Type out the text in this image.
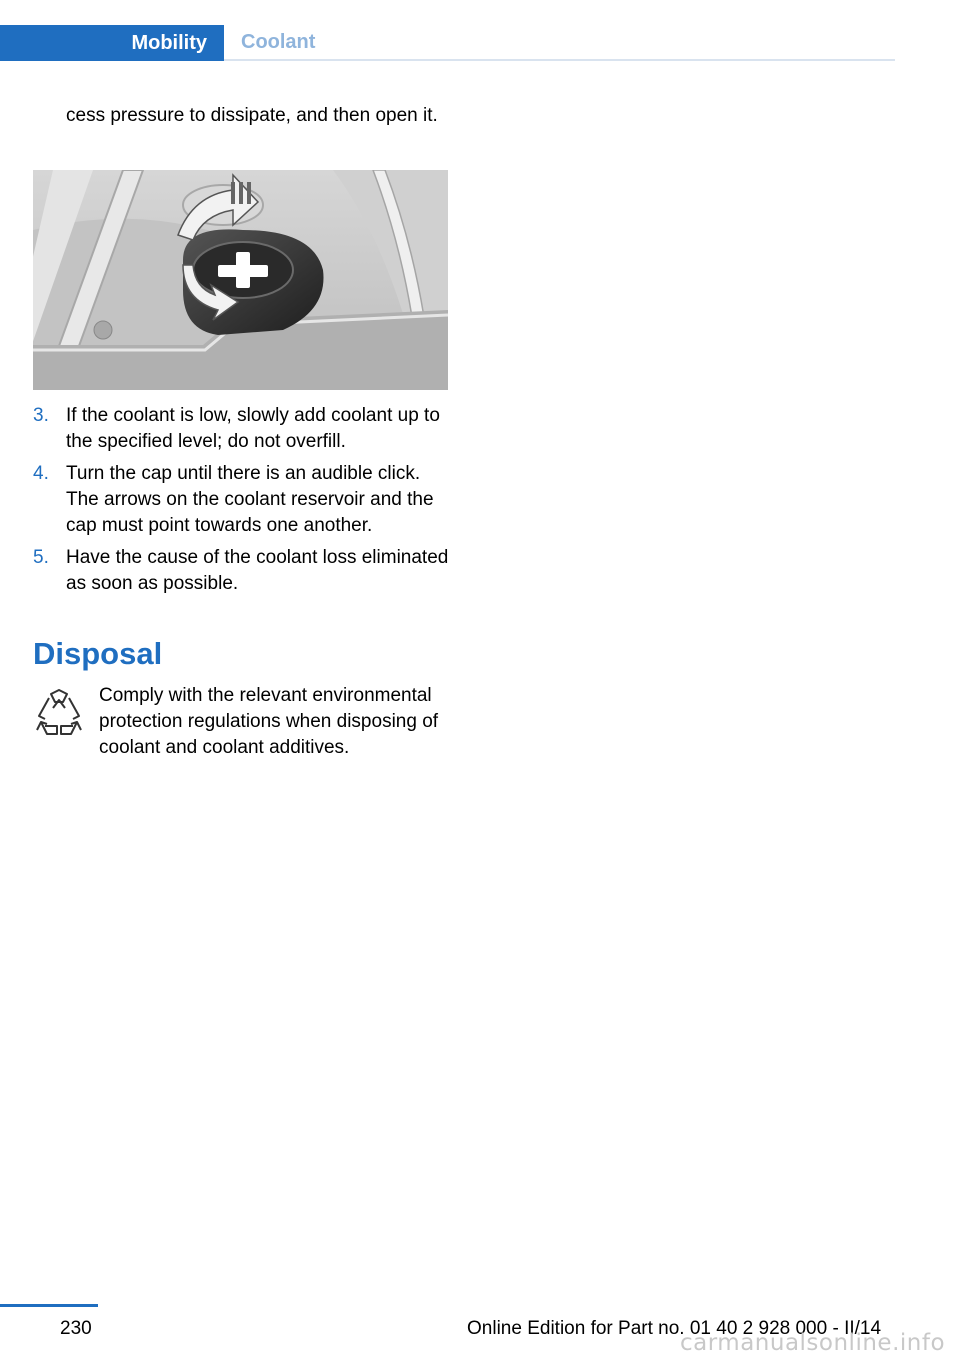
Mobility Coolant
cess pressure to dissipate, and then open it.
3. If the coolant is low, slowly add coolant up to the specified level; do not overfill.
4. Turn the cap until there is an audible click. The arrows on the coolant reservoir and the cap must point towards one another.
5. Have the cause of the coolant loss eliminated as soon as possible.
Disposal
Comply with the relevant environmental protection regulations when disposing of coolant and coolant additives.
230	Online Edition for Part no. 01 40 2 928 000 - II/14
carmanualsonline.info
